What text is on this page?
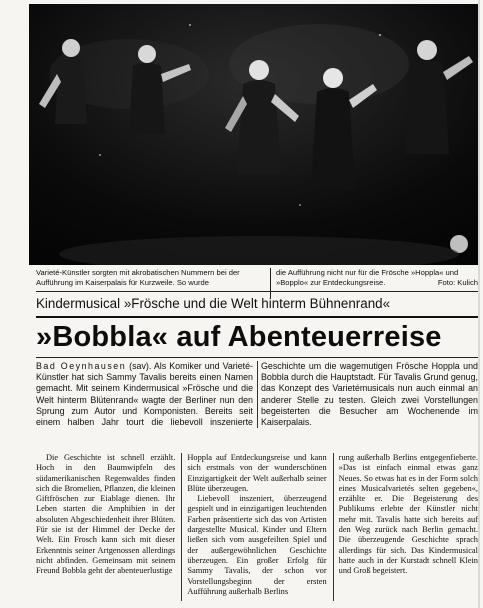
Varieté-Künstler sorgten mit akrobatischen Nummern bei der Aufführung im Kaiserpalais für Kurzweile. So wurde
die Aufführung nicht nur für die Frösche »Hoppla« und
»Bopplo« zur Entdeckungsreise.	Foto: Kulich
Kindermusical »Frösche und die Welt hinterm Bühnenrand«
»Bobbla« auf Abenteuerreise
Bad Oeynhausen (sav). Als Komiker und Varieté-Künstler hat sich Sammy Tavalis bereits einen Namen gemacht. Mit seinem Kindermusical »Frösche und die Welt hinterm Blütenrand« wagte der Berliner nun den Sprung zum Autor und Komponisten. Bereits seit einem halben Jahr tourt die liebevoll inszenierte Geschichte um die wagemutigen Frösche Hoppla und Bobbla durch die Hauptstadt. Für Tavalis Grund genug, das Konzept des Varietémusicals nun auch einmal an anderer Stelle zu testen. Gleich zwei Vorstellungen begeisterten die Besucher am Wochenende im Kaiserpalais.

Die Geschichte ist schnell erzählt. Hoch in den Baumwipfeln des südamerikanischen Regenwaldes finden sich die Bromelien, Pflanzen, die kleinen Giftfröschen zur Eiablage dienen. Ihr Leben starten die Amphibien in der absoluten Abgeschiedenheit ihrer Blüten. Für sie ist der Himmel der Decke der Welt. Ein Frosch kann sich mit dieser Erkenntnis seiner Artgenossen allerdings nicht abfinden. Gemeinsam mit seinem Freund Bobbla geht der abenteuerlustige

Hoppla auf Entdeckungsreise und kann sich erstmals von der wunderschönen Einzigartigkeit der Welt außerhalb seiner Blüte überzeugen.

Liebevoll inszeniert, überzeugend gespielt und in einzigartigen leuchtenden Farben präsentierte sich das von Artisten dargestellte Musical. Kinder und Eltern ließen sich vom ausgefeilten Spiel und der außergewöhnlichen Geschichte überzeugen. Ein großer Erfolg für Sammy Tavalis, der schon vor Vorstellungsbeginn der ersten Aufführung außerhalb Berlins

rung außerhalb Berlins entgegenfieberte. »Das ist einfach einmal etwas ganz Neues. So etwas hat es in der Form solch eines Musicalvarietés selten gegeben«, erzählte er. Die Begeisterung des Publikums erlebte der Künstler nicht mehr mit. Tavalis hatte sich bereits auf den Weg zurück nach Berlin gemacht. Die überzeugende Geschichte sprach allerdings für sich. Das Kindermusical hatte auch in der Kurstadt schnell Klein und Groß begeistert.
